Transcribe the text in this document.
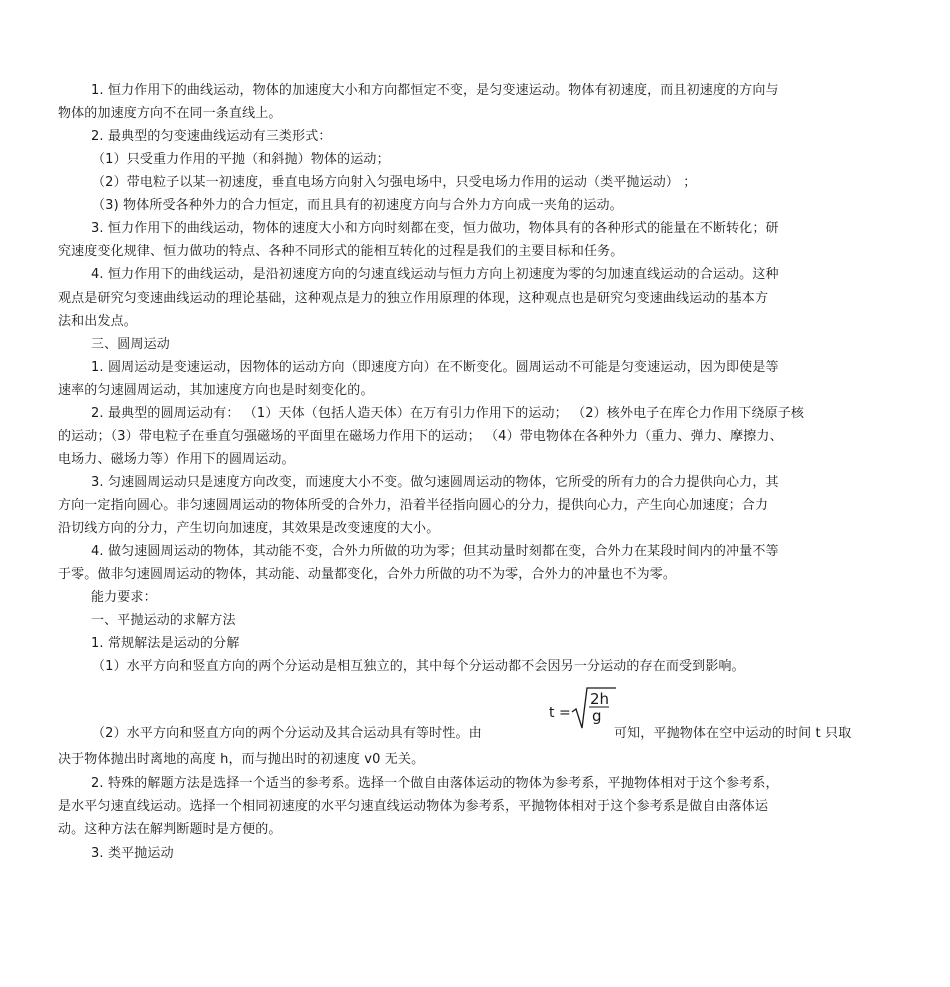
1. 恒力作用下的曲线运动，物体的加速度大小和方向都恒定不变，是匀变速运动。物体有初速度，而且初速度的方向与
物体的加速度方向不在同一条直线上。
2. 最典型的匀变速曲线运动有三类形式：
（1）只受重力作用的平抛（和斜抛）物体的运动；
（2）带电粒子以某一初速度，垂直电场方向射入匀强电场中，只受电场力作用的运动（类平抛运动） ；
（3) 物体所受各种外力的合力恒定，而且具有的初速度方向与合外力方向成一夹角的运动。
3. 恒力作用下的曲线运动，物体的速度大小和方向时刻都在变，恒力做功，物体具有的各种形式的能量在不断转化；研
究速度变化规律、恒力做功的特点、各种不同形式的能相互转化的过程是我们的主要目标和任务。
4. 恒力作用下的曲线运动，是沿初速度方向的匀速直线运动与恒力方向上初速度为零的匀加速直线运动的合运动。这种
观点是研究匀变速曲线运动的理论基础，这种观点是力的独立作用原理的体现，这种观点也是研究匀变速曲线运动的基本方
法和出发点。
三、圆周运动
1. 圆周运动是变速运动，因物体的运动方向（即速度方向）在不断变化。圆周运动不可能是匀变速运动，因为即使是等
速率的匀速圆周运动，其加速度方向也是时刻变化的。
2. 最典型的圆周运动有： （1）天体（包括人造天体）在万有引力作用下的运动； （2）核外电子在库仑力作用下绕原子核
的运动；（3）带电粒子在垂直匀强磁场的平面里在磁场力作用下的运动； （4）带电物体在各种外力（重力、弹力、摩擦力、
电场力、磁场力等）作用下的圆周运动。
3. 匀速圆周运动只是速度方向改变，而速度大小不变。做匀速圆周运动的物体，它所受的所有力的合力提供向心力，其
方向一定指向圆心。非匀速圆周运动的物体所受的合外力，沿着半径指向圆心的分力，提供向心力，产生向心加速度；合力
沿切线方向的分力，产生切向加速度，其效果是改变速度的大小。
4. 做匀速圆周运动的物体，其动能不变，合外力所做的功为零；但其动量时刻都在变，合外力在某段时间内的冲量不等
于零。做非匀速圆周运动的物体，其动能、动量都变化，合外力所做的功不为零，合外力的冲量也不为零。
能力要求：
一、平抛运动的求解方法
1. 常规解法是运动的分解
（1）水平方向和竖直方向的两个分运动是相互独立的，其中每个分运动都不会因另一分运动的存在而受到影响。
（2）水平方向和竖直方向的两个分运动及其合运动具有等时性。由
t =
2h
g
可知，平抛物体在空中运动的时间 t 只取
决于物体抛出时离地的高度 h，而与抛出时的初速度 v0 无关。
2. 特殊的解题方法是选择一个适当的参考系。选择一个做自由落体运动的物体为参考系，平抛物体相对于这个参考系，
是水平匀速直线运动。选择一个相同初速度的水平匀速直线运动物体为参考系，平抛物体相对于这个参考系是做自由落体运
动。这种方法在解判断题时是方便的。
3. 类平抛运动
